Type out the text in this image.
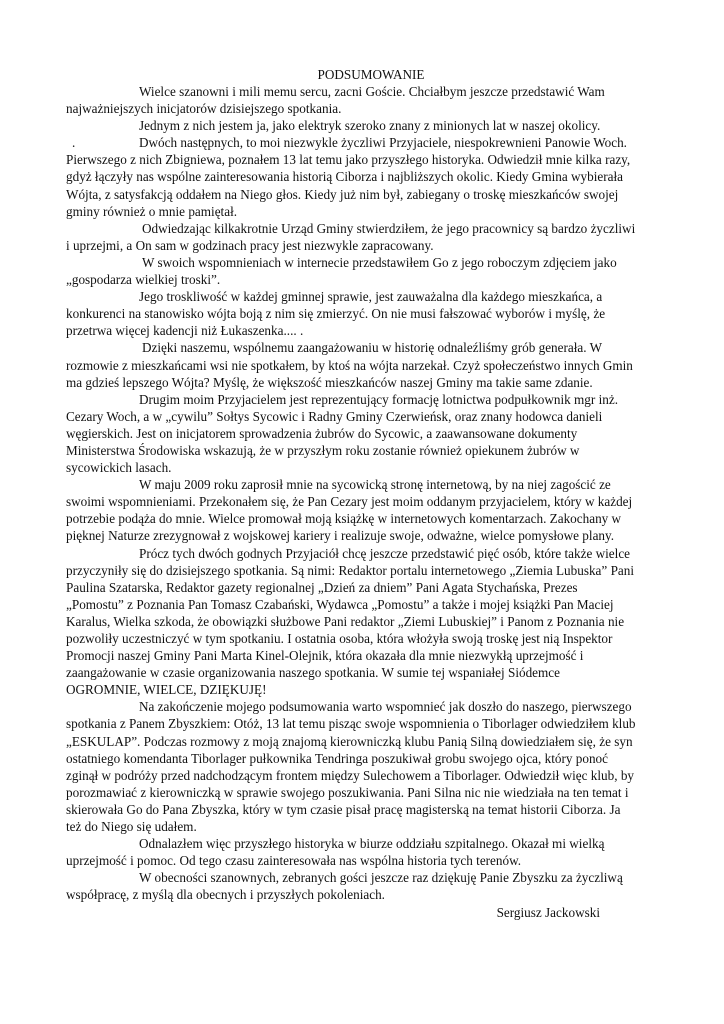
PODSUMOWANIE

Wielce szanowni i mili memu sercu, zacni Goście. Chciałbym jeszcze przedstawić Wam najważniejszych inicjatorów dzisiejszego spotkania.

Jednym z nich jestem ja, jako elektryk szeroko znany z minionych lat w naszej okolicy.

.	Dwóch następnych, to moi niezwykle życzliwi Przyjaciele, niespokrewnieni Panowie Woch. Pierwszego z nich Zbigniewa, poznałem 13 lat temu jako przyszłego historyka. Odwiedził mnie kilka razy, gdyż łączyły nas wspólne zainteresowania historią Ciborza i najbliższych okolic. Kiedy Gmina wybierała Wójta, z satysfakcją oddałem na Niego głos. Kiedy już nim był, zabiegany o troskę mieszkańców swojej gminy również o mnie pamiętał.

Odwiedzając kilkakrotnie Urząd Gminy stwierdziłem, że jego pracownicy są bardzo życzliwi i uprzejmi, a On sam w godzinach pracy jest niezwykle zapracowany.

W swoich wspomnieniach w internecie przedstawiłem Go z jego roboczym zdjęciem jako „gospodarza wielkiej troski”.

Jego troskliwość w każdej gminnej sprawie, jest zauważalna dla każdego mieszkańca, a konkurenci na stanowisko wójta boją z nim się zmierzyć. On nie musi fałszować wyborów i myślę, że przetrwa więcej kadencji niż Łukaszenka.... .

Dzięki naszemu, wspólnemu zaangażowaniu w historię odnaleźliśmy grób generała. W rozmowie z mieszkańcami wsi nie spotkałem, by ktoś na wójta narzekał. Czyż społeczeństwo innych Gmin ma gdzieś lepszego Wójta? Myślę, że większość mieszkańców naszej Gminy ma takie same zdanie.

Drugim moim Przyjacielem jest reprezentujący formację lotnictwa podpułkownik mgr inż. Cezary Woch, a w „cywilu” Sołtys Sycowic i Radny Gminy Czerwieńsk, oraz znany hodowca danieli węgierskich. Jest on inicjatorem sprowadzenia żubrów do Sycowic, a zaawansowane dokumenty Ministerstwa Środowiska wskazują, że w przyszłym roku zostanie również opiekunem żubrów w sycowickich lasach.

W maju 2009 roku zaprosił mnie na sycowicką stronę internetową, by na niej zagościć ze swoimi wspomnieniami. Przekonałem się, że Pan Cezary jest moim oddanym przyjacielem, który w każdej potrzebie podąża do mnie. Wielce promował moją książkę w internetowych komentarzach. Zakochany w pięknej Naturze zrezygnował z wojskowej kariery i realizuje swoje, odważne, wielce pomysłowe plany.

Prócz tych dwóch godnych Przyjaciół chcę jeszcze przedstawić pięć osób, które także wielce przyczyniły się do dzisiejszego spotkania. Są nimi: Redaktor portalu internetowego „Ziemia Lubuska” Pani Paulina Szatarska, Redaktor gazety regionalnej „Dzień za dniem” Pani Agata Stychańska, Prezes „Pomostu” z Poznania Pan Tomasz Czabański, Wydawca „Pomostu” a także i mojej książki Pan Maciej Karalus, Wielka szkoda, że obowiązki służbowe Pani redaktor „Ziemi Lubuskiej” i Panom z Poznania nie pozwoliły uczestniczyć w tym spotkaniu. I ostatnia osoba, która włożyła swoją troskę jest nią Inspektor Promocji naszej Gminy Pani Marta Kinel-Olejnik, która okazała dla mnie niezwykłą uprzejmość i zaangażowanie w czasie organizowania naszego spotkania. W sumie tej wspaniałej Siódemce OGROMNIE, WIELCE, DZIĘKUJĘ!

Na zakończenie mojego podsumowania warto wspomnieć jak doszło do naszego, pierwszego spotkania z Panem Zbyszkiem: Otóż, 13 lat temu pisząc swoje wspomnienia o Tiborlager odwiedziłem klub „ESKULAP”. Podczas rozmowy z moją znajomą kierowniczką klubu Panią Silną dowiedziałem się, że syn ostatniego komendanta Tiborlager pułkownika Tendringa poszukiwał grobu swojego ojca, który ponoć zginął w podróży przed nadchodzącym frontem między Sulechowem a Tiborlager. Odwiedził więc klub, by porozmawiać z kierowniczką w sprawie swojego poszukiwania. Pani Silna nic nie wiedziała na ten temat i skierowała Go do Pana Zbyszka, który w tym czasie pisał pracę magisterską na temat historii Ciborza. Ja też do Niego się udałem.

Odnalazłem więc przyszłego historyka w biurze oddziału szpitalnego. Okazał mi wielką uprzejmość i pomoc. Od tego czasu zainteresowała nas wspólna historia tych terenów.

W obecności szanownych, zebranych gości jeszcze raz dziękuję Panie Zbyszku za życzliwą współpracę, z myślą dla obecnych i przyszłych pokoleniach.

Sergiusz Jackowski
